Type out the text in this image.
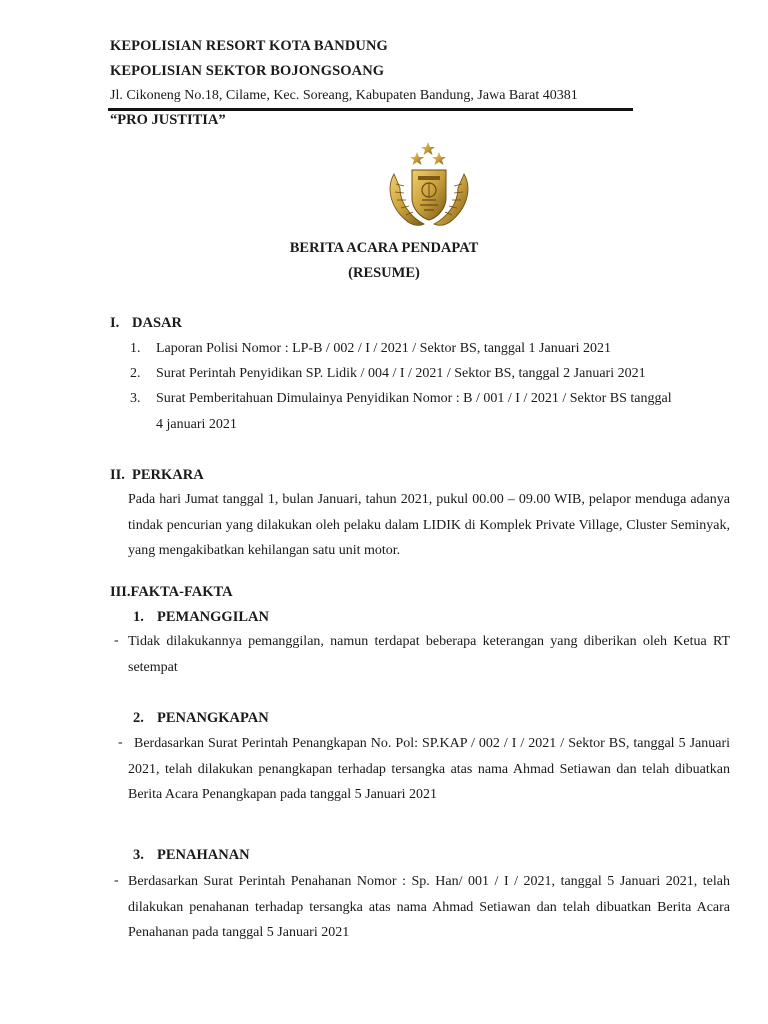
KEPOLISIAN RESORT KOTA BANDUNG
KEPOLISIAN SEKTOR BOJONGSOANG
Jl. Cikoneng No.18, Cilame, Kec. Soreang, Kabupaten Bandung, Jawa Barat 40381
“PRO JUSTITIA”
BERITA ACARA PENDAPAT
(RESUME)
I. DASAR
1. Laporan Polisi Nomor : LP-B / 002 / I / 2021 / Sektor BS, tanggal 1 Januari 2021
2. Surat Perintah Penyidikan SP. Lidik / 004 / I / 2021 / Sektor BS, tanggal 2 Januari 2021
3. Surat Pemberitahuan Dimulainya Penyidikan Nomor : B / 001 / I / 2021 / Sektor BS tanggal
4 januari 2021
II. PERKARA
Pada hari Jumat tanggal 1, bulan Januari, tahun 2021, pukul 00.00 – 09.00 WIB, pelapor menduga adanya tindak pencurian yang dilakukan oleh pelaku dalam LIDIK di Komplek Private Village, Cluster Seminyak, yang mengakibatkan kehilangan satu unit motor.
III.FAKTA-FAKTA
1. PEMANGGILAN
- Tidak dilakukannya pemanggilan, namun terdapat beberapa keterangan yang diberikan oleh Ketua RT setempat
2. PENANGKAPAN
- Berdasarkan Surat Perintah Penangkapan No. Pol: SP.KAP / 002 / I / 2021 / Sektor BS, tanggal 5 Januari 2021, telah dilakukan penangkapan terhadap tersangka atas nama Ahmad Setiawan dan telah dibuatkan Berita Acara Penangkapan pada tanggal 5 Januari 2021
3. PENAHANAN
- Berdasarkan Surat Perintah Penahanan Nomor : Sp. Han/ 001 / I / 2021, tanggal 5 Januari 2021, telah dilakukan penahanan terhadap tersangka atas nama Ahmad Setiawan dan telah dibuatkan Berita Acara Penahanan pada tanggal 5 Januari 2021
